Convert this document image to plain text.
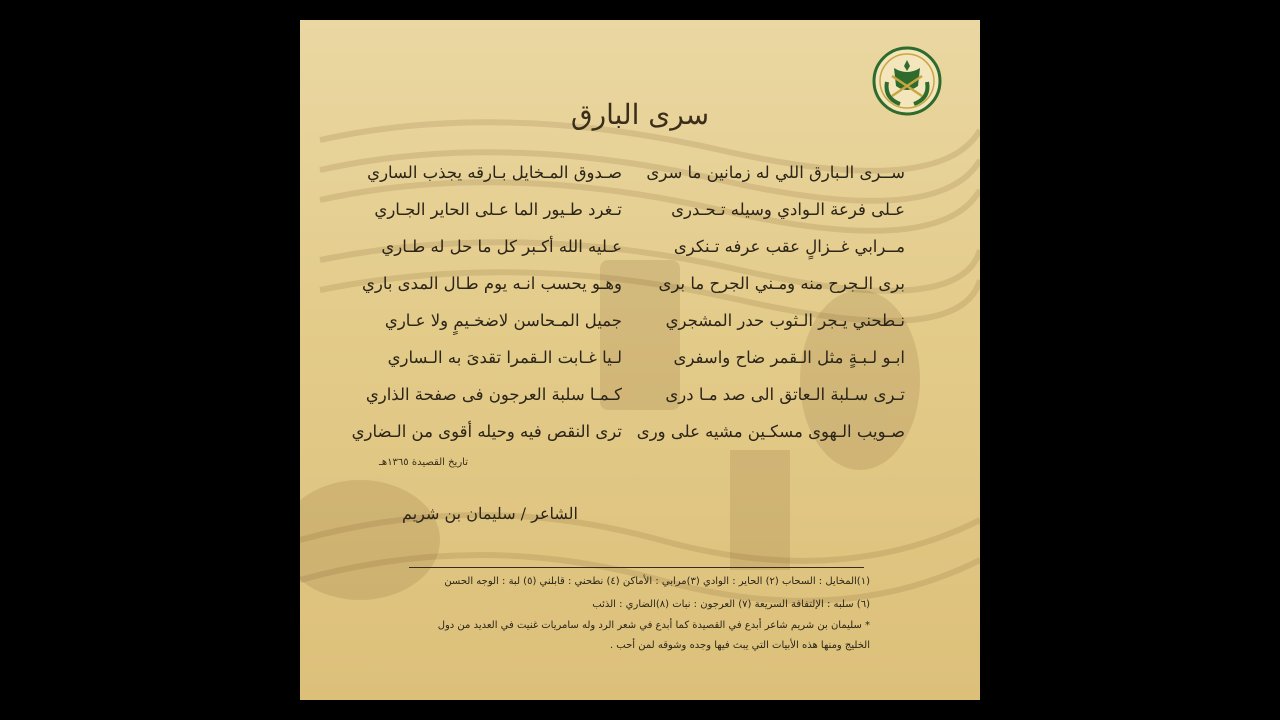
سرى البارق
ســرى الـبارق اللي له زمانين ما سرى
عـلى فرعة الـوادي وسيله تـحـدرى
مــرابي غــزالٍ عقب عرفه تـنكرى
برى الـجرح منه ومـني الجرح ما برى
نـطحني يـجر الـثوب حدر المشجري
ابـو لـبـةٍ مثل الـقمر ضاح واسفرى
تـرى سـلبة الـعاتق الى صد مـا درى
صـويب الـهوى مسكـين مشيه على ورى
صـدوق المـخايل بـارقه يجذب الساري
تـغرد طـيور الما عـلى الحاير الجـاري
عـليه الله أكـبر كل ما حل له طـاري
وهـو يحسب انـه يوم طـال المدى باري
جميل المـحاسن لاضخـيمٍ ولا عـاري
لـيا غـابت الـقمرا تقدىَ به الـساري
كـمـا سلبة العرجون فى صفحة الذاري
ترى النقص فيه وحيله أقوى من الـضاري
تاريخ القصيدة ١٣٦٥هـ
الشاعر / سليمان بن شريم
(١)المخايل : السحاب (٢) الحاير : الوادي (٣)مرابي : الأماكن (٤) نطحني : قابلني (٥) لبة : الوجه الحسن
(٦) سلبه : الإلتفافة السريعة (٧) العرجون : نبات (٨)الضاري : الذئب
* سليمان بن شريم شاعر أبدع في القصيدة كما أبدع في شعر الرد وله سامريات غنيت في العديد من دول
الخليج ومنها هذه الأبيات التي يبث فيها وجده وشوقه لمن أحب .
